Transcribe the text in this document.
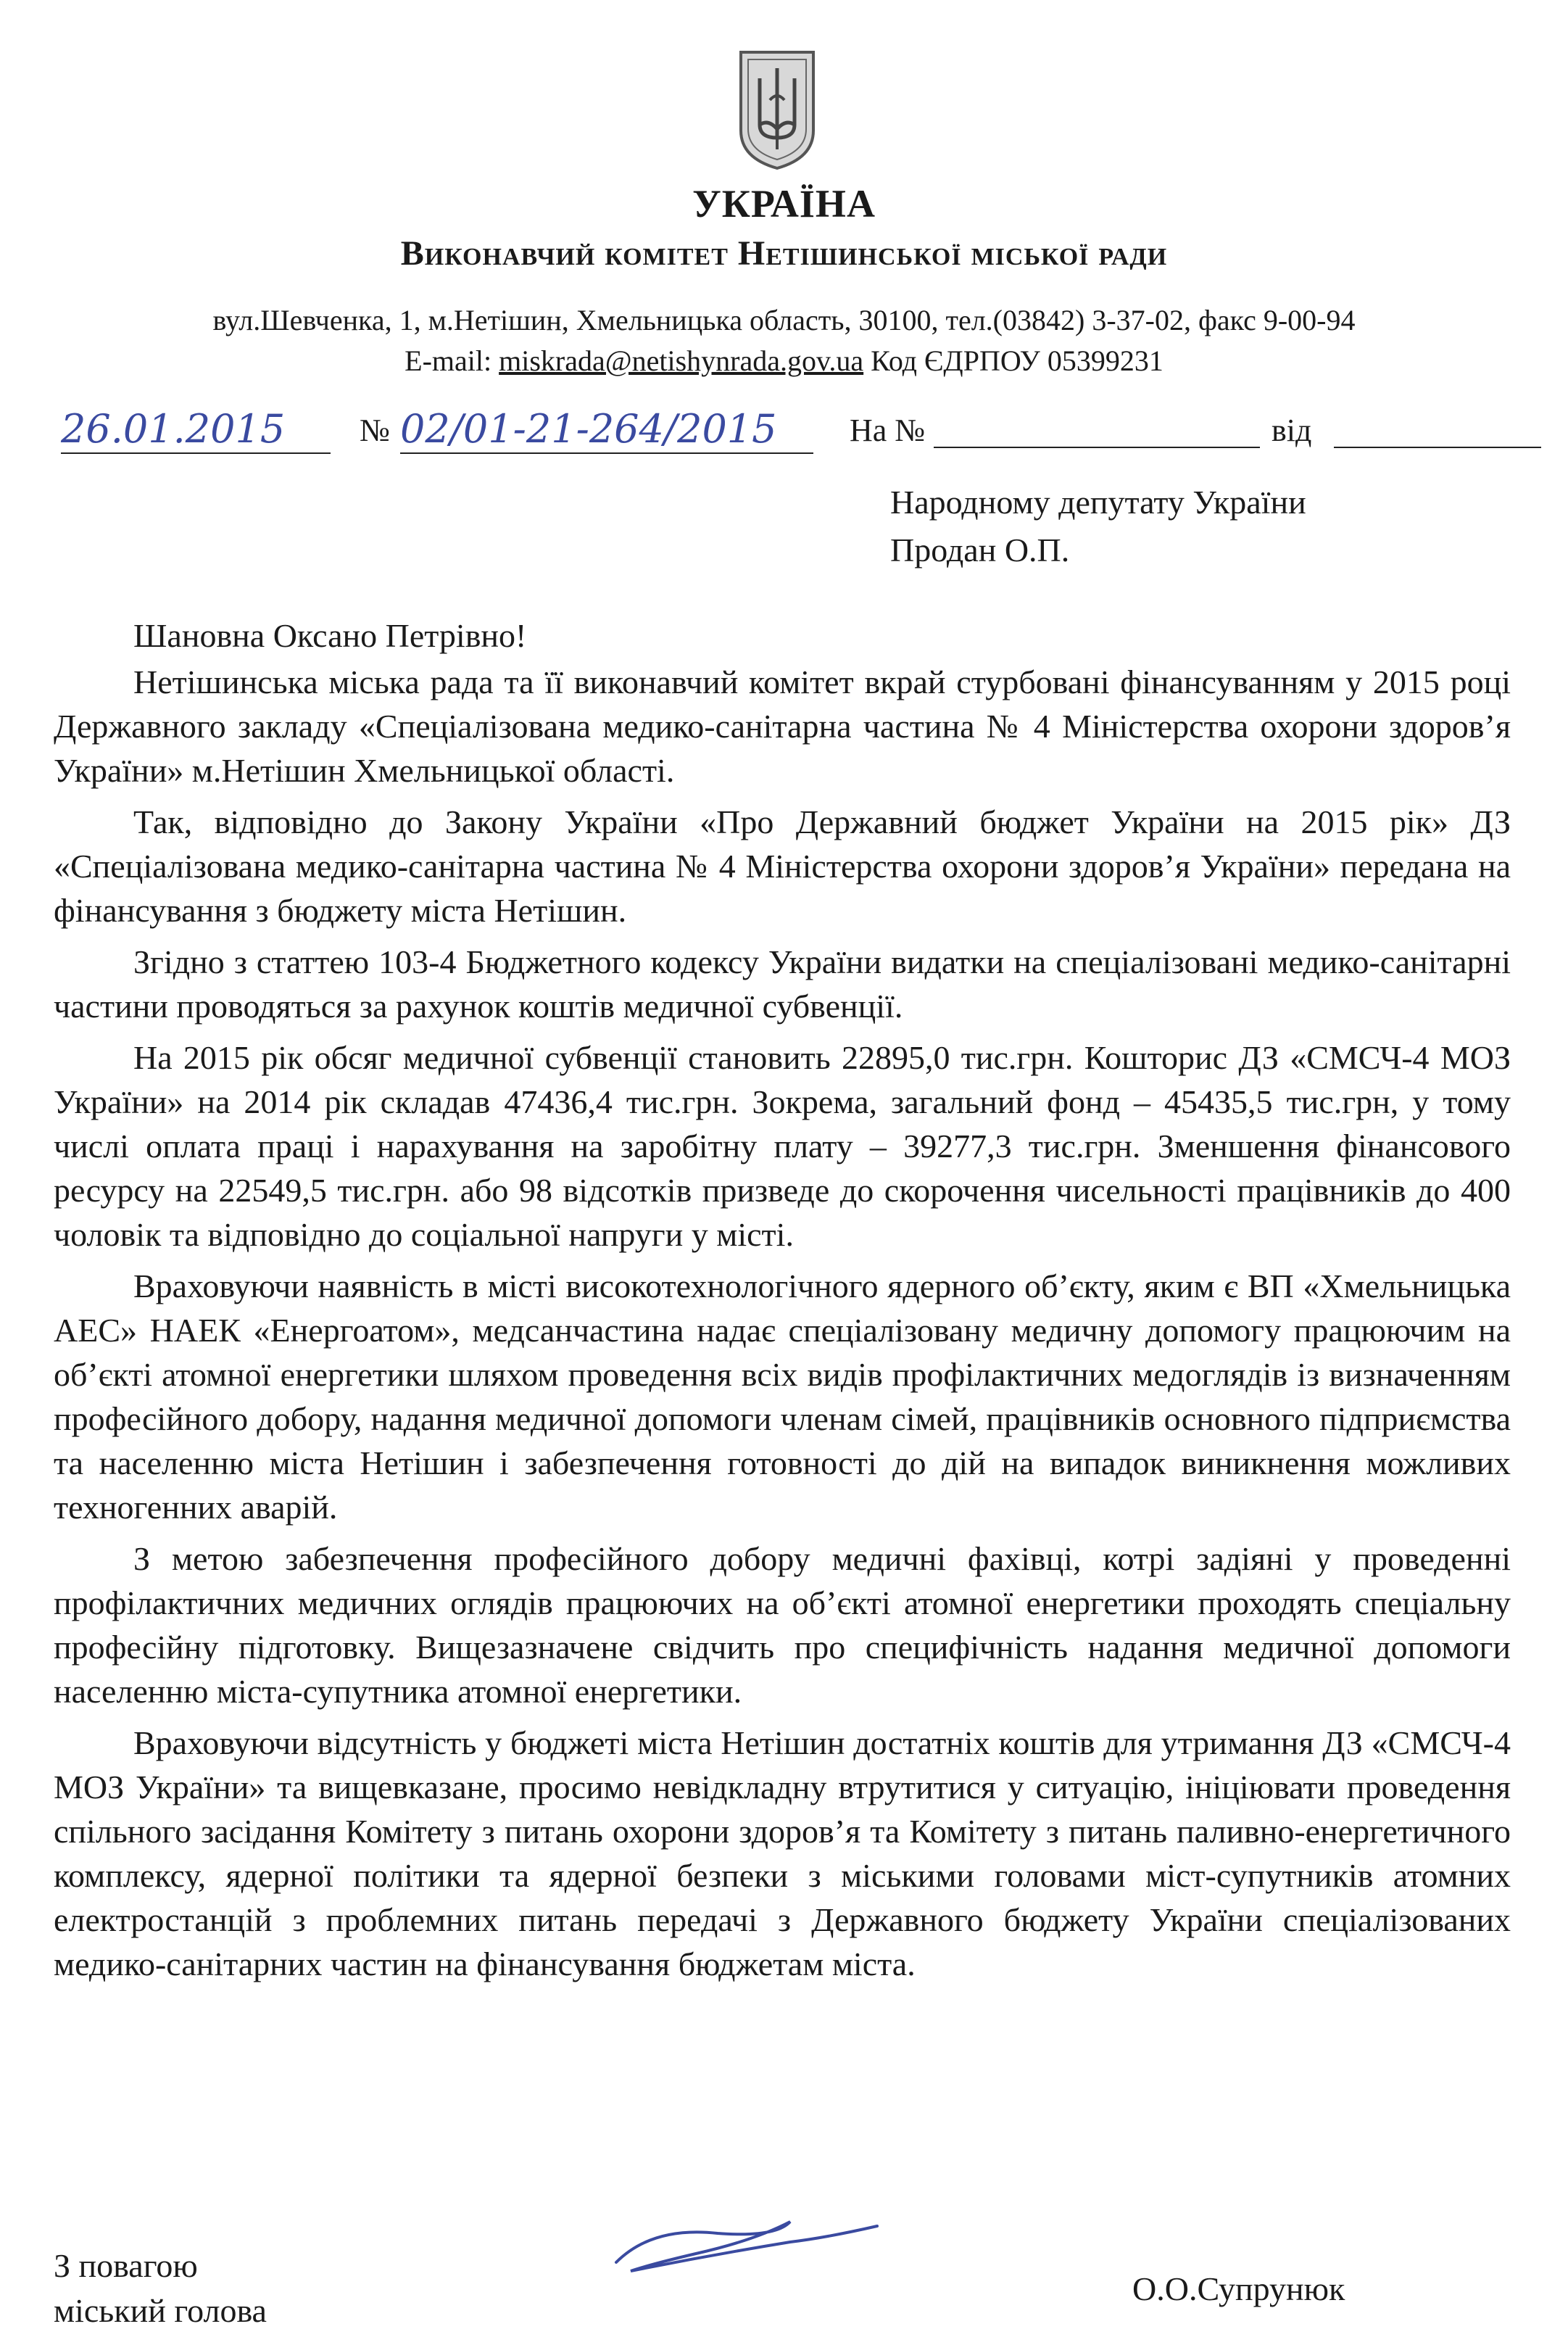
УКРАЇНА
Виконавчий комітет Нетішинської міської ради
вул.Шевченка, 1, м.Нетішин, Хмельницька область, 30100, тел.(03842) 3-37-02, факс 9-00-94
E-mail: miskrada@netishynrada.gov.ua Код ЄДРПОУ 05399231
26.01.2015	№ 02/01-21-264/2015	На №	від
Народному депутату України
Продан О.П.
Шановна Оксано Петрівно!

Нетішинська міська рада та її виконавчий комітет вкрай стурбовані фінансуванням у 2015 році Державного закладу «Спеціалізована медико-санітарна частина № 4 Міністерства охорони здоров’я України» м.Нетішин Хмельницької області.

Так, відповідно до Закону України «Про Державний бюджет України на 2015 рік» ДЗ «Спеціалізована медико-санітарна частина № 4 Міністерства охорони здоров’я України» передана на фінансування з бюджету міста Нетішин.

Згідно з статтею 103-4 Бюджетного кодексу України видатки на спеціалізовані медико-санітарні частини проводяться за рахунок коштів медичної субвенції.

На 2015 рік обсяг медичної субвенції становить 22895,0 тис.грн. Кошторис ДЗ «СМСЧ-4 МОЗ України» на 2014 рік складав 47436,4 тис.грн. Зокрема, загальний фонд – 45435,5 тис.грн, у тому числі оплата праці і нарахування на заробітну плату – 39277,3 тис.грн. Зменшення фінансового ресурсу на 22549,5 тис.грн. або 98 відсотків призведе до скорочення чисельності працівників до 400 чоловік та відповідно до соціальної напруги у місті.

Враховуючи наявність в місті високотехнологічного ядерного об’єкту, яким є ВП «Хмельницька АЕС» НАЕК «Енергоатом», медсанчастина надає спеціалізовану медичну допомогу працюючим на об’єкті атомної енергетики шляхом проведення всіх видів профілактичних медоглядів із визначенням професійного добору, надання медичної допомоги членам сімей, працівників основного підприємства та населенню міста Нетішин і забезпечення готовності до дій на випадок виникнення можливих техногенних аварій.

З метою забезпечення професійного добору медичні фахівці, котрі задіяні у проведенні профілактичних медичних оглядів працюючих на об’єкті атомної енергетики проходять спеціальну професійну підготовку. Вищезазначене свідчить про специфічність надання медичної допомоги населенню міста-супутника атомної енергетики.

Враховуючи відсутність у бюджеті міста Нетішин достатніх коштів для утримання ДЗ «СМСЧ-4 МОЗ України» та вищевказане, просимо невідкладну втрутитися у ситуацію, ініціювати проведення спільного засідання Комітету з питань охорони здоров’я та Комітету з питань паливно-енергетичного комплексу, ядерної політики та ядерної безпеки з міськими головами міст-супутників атомних електростанцій з проблемних питань передачі з Державного бюджету України спеціалізованих медико-санітарних частин на фінансування бюджетам міста.

З повагою
міський голова
О.О.Супрунюк
